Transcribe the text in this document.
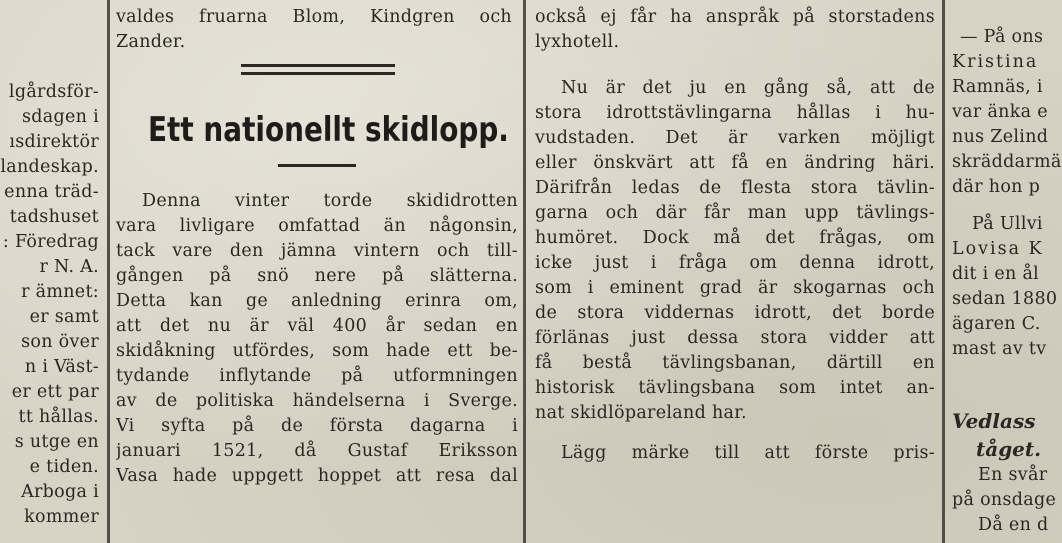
lgårdsför-
sdagen i
ısdirektör
landeskap.
enna träd-
tadshuset
: Föredrag
r N. A.
r ämnet:
er samt
son över
n i Väst-
er ett par
tt hållas.
s utge en
e tiden.
Arboga i
kommer
valdes fruarna Blom, Kindgren och
Zander.
Ett nationellt skidlopp.
Denna vinter torde skididrotten
vara livligare omfattad än någonsin,
tack vare den jämna vintern och till-
gången på snö nere på slätterna.
Detta kan ge anledning erinra om,
att det nu är väl 400 år sedan en
skidåkning utfördes, som hade ett be-
tydande inflytande på utformningen
av de politiska händelserna i Sverge.
Vi syfta på de första dagarna i
januari 1521, då Gustaf Eriksson
Vasa hade uppgett hoppet att resa dal
också ej får ha anspråk på storstadens
lyxhotell.
Nu är det ju en gång så, att de
stora idrottstävlingarna hållas i hu-
vudstaden. Det är varken möjligt
eller önskvärt att få en ändring häri.
Därifrån ledas de flesta stora tävlin-
garna och där får man upp tävlings-
humöret. Dock må det frågas, om
icke just i fråga om denna idrott,
som i eminent grad är skogarnas och
de stora viddernas idrott, det borde
förlänas just dessa stora vidder att
få bestå tävlingsbanan, därtill en
historisk tävlingsbana som intet an-
nat skidlöpareland har.
Lägg märke till att förste pris-
— På ons
Kristina
Ramnäs, i
var änka e
nus Zelind
skräddarmä
där hon p
På Ullvi
Lovisa K
dit i en ål
sedan 1880
ägaren C.
mast av tv
Vedlass
tåget.
En svår
på onsdage
Då en d
